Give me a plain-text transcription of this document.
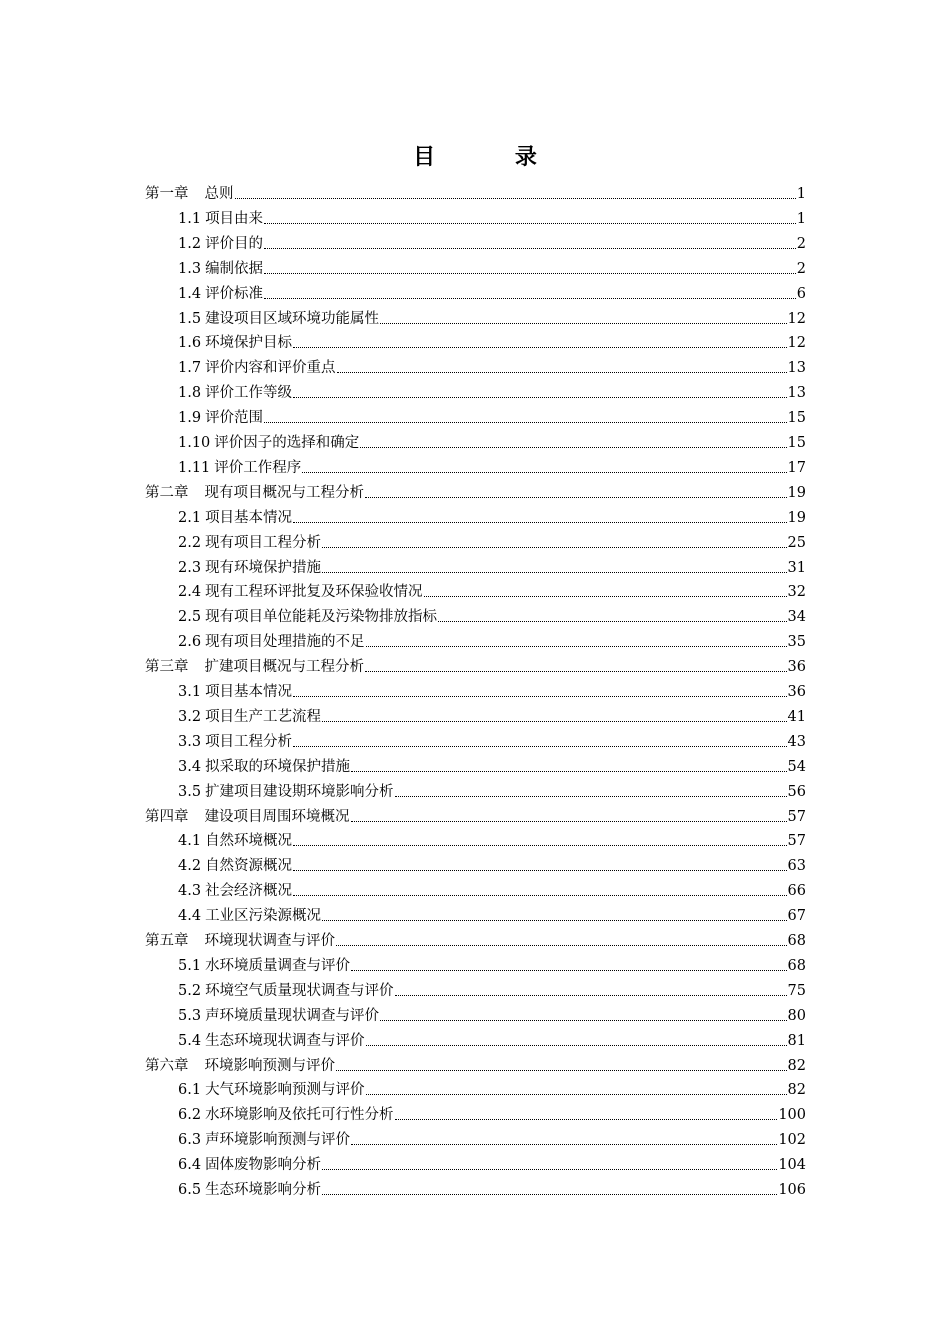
目 录
第一章 总则	1
1.1 项目由来	1
1.2 评价目的	2
1.3 编制依据	2
1.4 评价标准	6
1.5 建设项目区域环境功能属性	12
1.6 环境保护目标	12
1.7 评价内容和评价重点	13
1.8 评价工作等级	13
1.9 评价范围	15
1.10 评价因子的选择和确定	15
1.11 评价工作程序	17
第二章 现有项目概况与工程分析	19
2.1 项目基本情况	19
2.2 现有项目工程分析	25
2.3 现有环境保护措施	31
2.4 现有工程环评批复及环保验收情况	32
2.5 现有项目单位能耗及污染物排放指标	34
2.6 现有项目处理措施的不足	35
第三章 扩建项目概况与工程分析	36
3.1 项目基本情况	36
3.2 项目生产工艺流程	41
3.3 项目工程分析	43
3.4 拟采取的环境保护措施	54
3.5 扩建项目建设期环境影响分析	56
第四章 建设项目周围环境概况	57
4.1 自然环境概况	57
4.2 自然资源概况	63
4.3 社会经济概况	66
4.4 工业区污染源概况	67
第五章 环境现状调查与评价	68
5.1 水环境质量调查与评价	68
5.2 环境空气质量现状调查与评价	75
5.3 声环境质量现状调查与评价	80
5.4 生态环境现状调查与评价	81
第六章 环境影响预测与评价	82
6.1 大气环境影响预测与评价	82
6.2 水环境影响及依托可行性分析	100
6.3 声环境影响预测与评价	102
6.4 固体废物影响分析	104
6.5 生态环境影响分析	106
